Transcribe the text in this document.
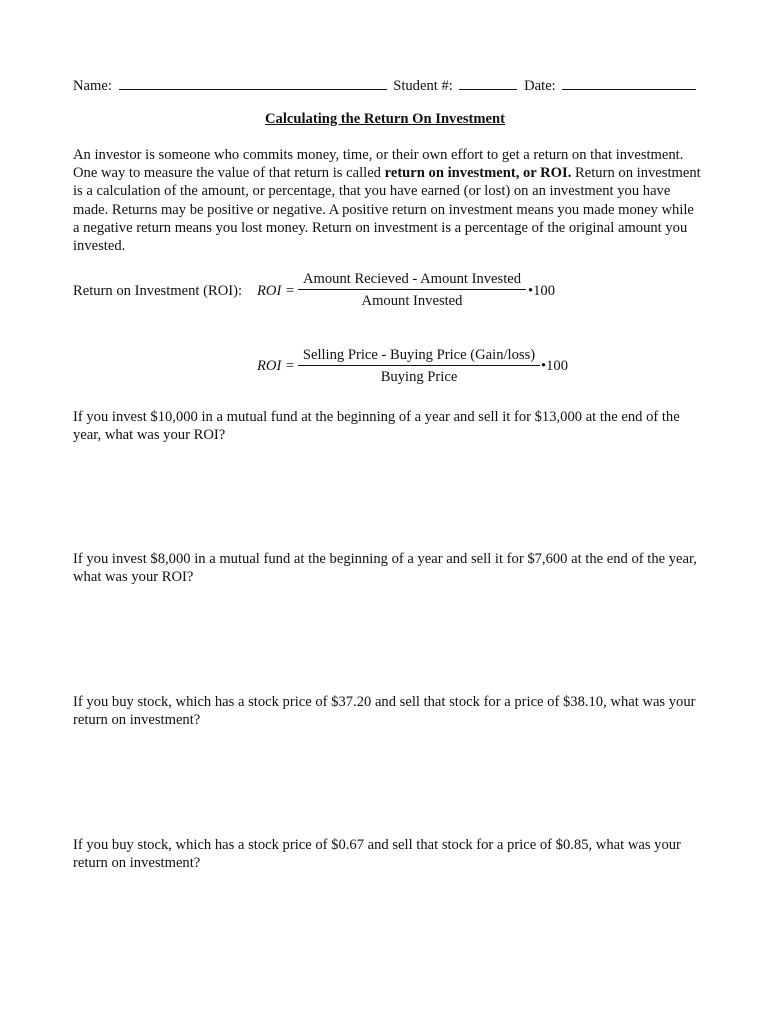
Name:	Student #:	Date:
Calculating the Return On Investment
An investor is someone who commits money, time, or their own effort to get a return on that investment. One way to measure the value of that return is called return on investment, or ROI. Return on investment is a calculation of the amount, or percentage, that you have earned (or lost) on an investment you have made. Returns may be positive or negative. A positive return on investment means you made money while a negative return means you lost money. Return on investment is a percentage of the original amount you invested.
Return on Investment (ROI): ROI =
Amount Recieved - Amount Invested
Amount Invested
•100
ROI =
Selling Price - Buying Price (Gain/loss)
Buying Price
•100
If you invest $10,000 in a mutual fund at the beginning of a year and sell it for $13,000 at the end of the year, what was your ROI?
If you invest $8,000 in a mutual fund at the beginning of a year and sell it for $7,600 at the end of the year, what was your ROI?
If you buy stock, which has a stock price of $37.20 and sell that stock for a price of $38.10, what was your return on investment?
If you buy stock, which has a stock price of $0.67 and sell that stock for a price of $0.85, what was your return on investment?
